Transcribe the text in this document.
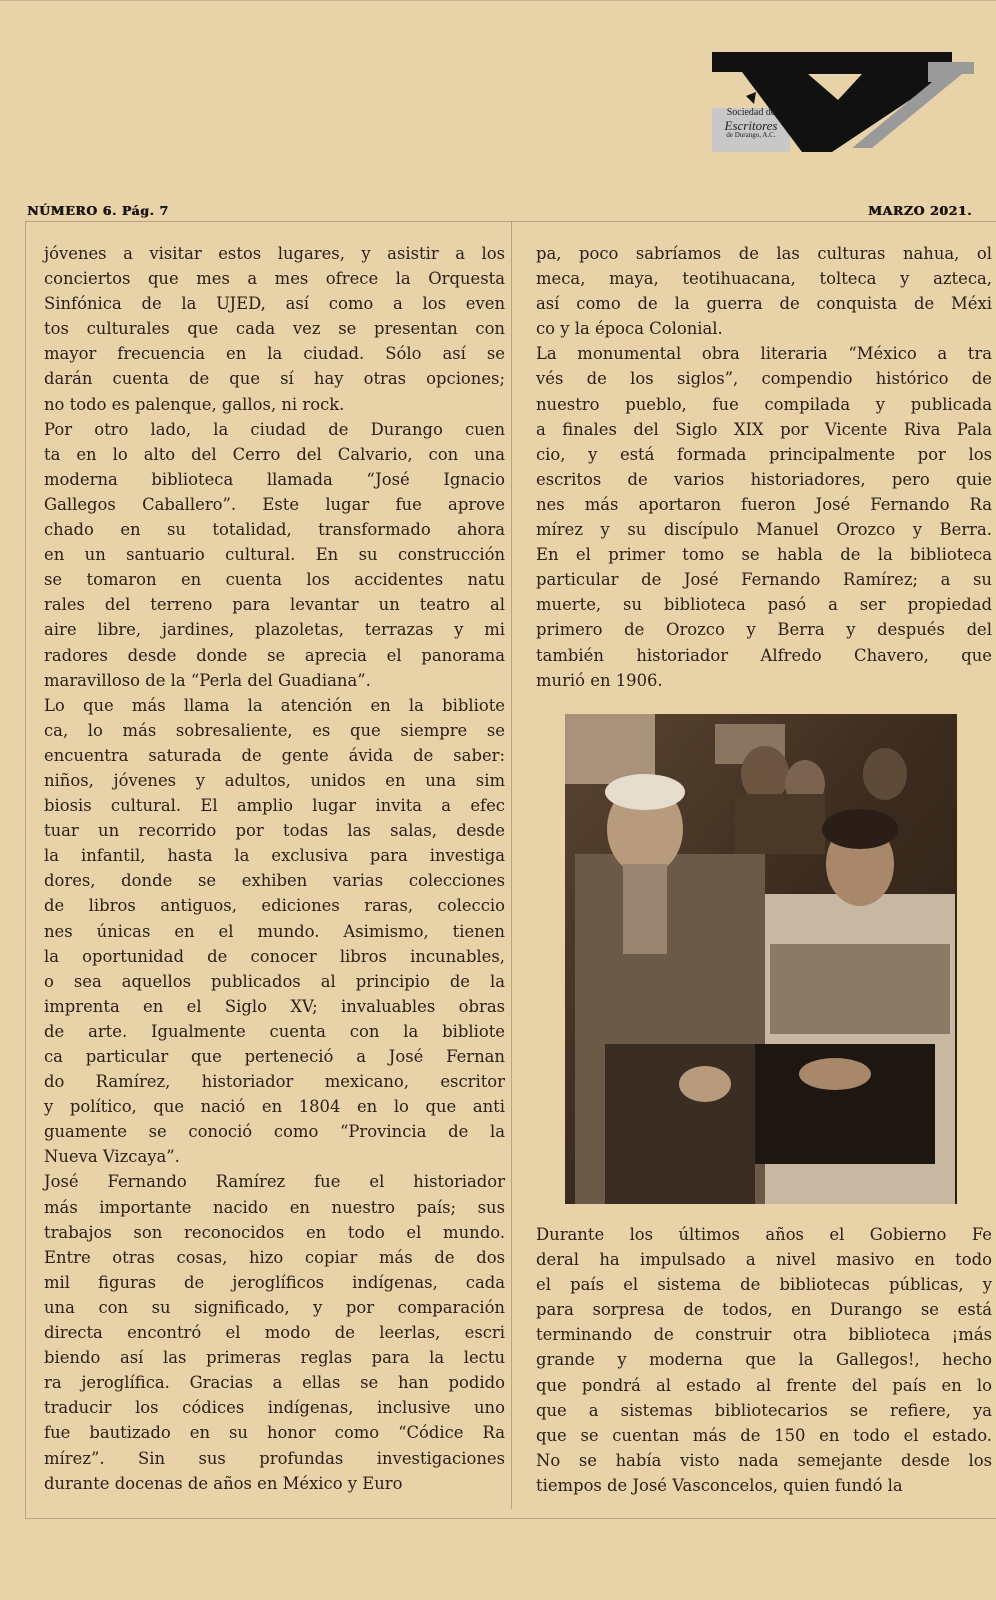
Sociedad de
Escritores
de Durango, A.C.
NÚMERO 6. Pág. 7	MARZO 2021.
jóvenes a visitar estos lugares, y asistir a los
conciertos que mes a mes ofrece la Orquesta
Sinfónica de la UJED, así como a los even
tos culturales que cada vez se presentan con
mayor frecuencia en la ciudad. Sólo así se
darán cuenta de que sí hay otras opciones;
no todo es palenque, gallos, ni rock.
Por otro lado, la ciudad de Durango cuen
ta en lo alto del Cerro del Calvario, con una
moderna biblioteca llamada “José Ignacio
Gallegos Caballero”. Este lugar fue aprove
chado en su totalidad, transformado ahora
en un santuario cultural. En su construcción
se tomaron en cuenta los accidentes natu
rales del terreno para levantar un teatro al
aire libre, jardines, plazoletas, terrazas y mi
radores desde donde se aprecia el panorama
maravilloso de la “Perla del Guadiana”.
Lo que más llama la atención en la bibliote
ca, lo más sobresaliente, es que siempre se
encuentra saturada de gente ávida de saber:
niños, jóvenes y adultos, unidos en una sim
biosis cultural. El amplio lugar invita a efec
tuar un recorrido por todas las salas, desde
la infantil, hasta la exclusiva para investiga
dores, donde se exhiben varias colecciones
de libros antiguos, ediciones raras, coleccio
nes únicas en el mundo. Asimismo, tienen
la oportunidad de conocer libros incunables,
o sea aquellos publicados al principio de la
imprenta en el Siglo XV; invaluables obras
de arte. Igualmente cuenta con la bibliote
ca particular que perteneció a José Fernan
do Ramírez, historiador mexicano, escritor
y político, que nació en 1804 en lo que anti
guamente se conoció como “Provincia de la
Nueva Vizcaya”.
José Fernando Ramírez fue el historiador
más importante nacido en nuestro país; sus
trabajos son reconocidos en todo el mundo.
Entre otras cosas, hizo copiar más de dos
mil figuras de jeroglíficos indígenas, cada
una con su significado, y por comparación
directa encontró el modo de leerlas, escri
biendo así las primeras reglas para la lectu
ra jeroglífica. Gracias a ellas se han podido
traducir los códices indígenas, inclusive uno
fue bautizado en su honor como “Códice Ra
mírez”. Sin sus profundas investigaciones
durante docenas de años en México y Euro
pa, poco sabríamos de las culturas nahua, ol
meca, maya, teotihuacana, tolteca y azteca,
así como de la guerra de conquista de Méxi
co y la época Colonial.
La monumental obra literaria “México a tra
vés de los siglos”, compendio histórico de
nuestro pueblo, fue compilada y publicada
a finales del Siglo XIX por Vicente Riva Pala
cio, y está formada principalmente por los
escritos de varios historiadores, pero quie
nes más aportaron fueron José Fernando Ra
mírez y su discípulo Manuel Orozco y Berra.
En el primer tomo se habla de la biblioteca
particular de José Fernando Ramírez; a su
muerte, su biblioteca pasó a ser propiedad
primero de Orozco y Berra y después del
también historiador Alfredo Chavero, que
murió en 1906.
Durante los últimos años el Gobierno Fe
deral ha impulsado a nivel masivo en todo
el país el sistema de bibliotecas públicas, y
para sorpresa de todos, en Durango se está
terminando de construir otra biblioteca ¡más
grande y moderna que la Gallegos!, hecho
que pondrá al estado al frente del país en lo
que a sistemas bibliotecarios se refiere, ya
que se cuentan más de 150 en todo el estado.
No se había visto nada semejante desde los
tiempos de José Vasconcelos, quien fundó la
